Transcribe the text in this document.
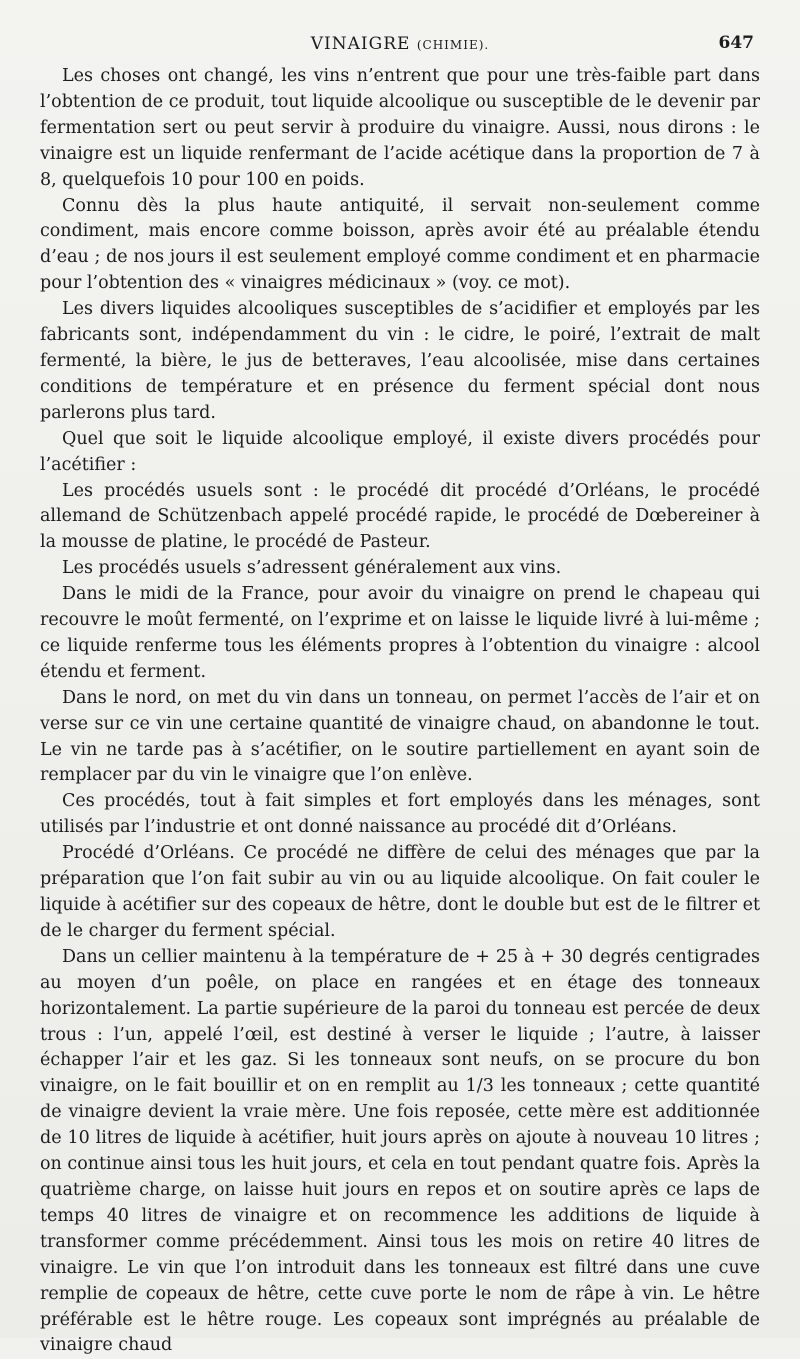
VINAIGRE (CHIMIE).	647

Les choses ont changé, les vins n’entrent que pour une très-faible part dans l’obtention de ce produit, tout liquide alcoolique ou susceptible de le devenir par fermentation sert ou peut servir à produire du vinaigre. Aussi, nous dirons : le vinaigre est un liquide renfermant de l’acide acétique dans la proportion de 7 à 8, quelquefois 10 pour 100 en poids.

Connu dès la plus haute antiquité, il servait non-seulement comme condiment, mais encore comme boisson, après avoir été au préalable étendu d’eau ; de nos jours il est seulement employé comme condiment et en pharmacie pour l’obtention des « vinaigres médicinaux » (voy. ce mot).

Les divers liquides alcooliques susceptibles de s’acidifier et employés par les fabricants sont, indépendamment du vin : le cidre, le poiré, l’extrait de malt fermenté, la bière, le jus de betteraves, l’eau alcoolisée, mise dans certaines conditions de température et en présence du ferment spécial dont nous parlerons plus tard.

Quel que soit le liquide alcoolique employé, il existe divers procédés pour l’acétifier :

Les procédés usuels sont : le procédé dit procédé d’Orléans, le procédé allemand de Schützenbach appelé procédé rapide, le procédé de Dœbereiner à la mousse de platine, le procédé de Pasteur.

Les procédés usuels s’adressent généralement aux vins.

Dans le midi de la France, pour avoir du vinaigre on prend le chapeau qui recouvre le moût fermenté, on l’exprime et on laisse le liquide livré à lui-même ; ce liquide renferme tous les éléments propres à l’obtention du vinaigre : alcool étendu et ferment.

Dans le nord, on met du vin dans un tonneau, on permet l’accès de l’air et on verse sur ce vin une certaine quantité de vinaigre chaud, on abandonne le tout. Le vin ne tarde pas à s’acétifier, on le soutire partiellement en ayant soin de remplacer par du vin le vinaigre que l’on enlève.

Ces procédés, tout à fait simples et fort employés dans les ménages, sont utilisés par l’industrie et ont donné naissance au procédé dit d’Orléans.

Procédé d’Orléans. Ce procédé ne diffère de celui des ménages que par la préparation que l’on fait subir au vin ou au liquide alcoolique. On fait couler le liquide à acétifier sur des copeaux de hêtre, dont le double but est de le filtrer et de le charger du ferment spécial.

Dans un cellier maintenu à la température de + 25 à + 30 degrés centigrades au moyen d’un poêle, on place en rangées et en étage des tonneaux horizontalement. La partie supérieure de la paroi du tonneau est percée de deux trous : l’un, appelé l’œil, est destiné à verser le liquide ; l’autre, à laisser échapper l’air et les gaz. Si les tonneaux sont neufs, on se procure du bon vinaigre, on le fait bouillir et on en remplit au 1/3 les tonneaux ; cette quantité de vinaigre devient la vraie mère. Une fois reposée, cette mère est additionnée de 10 litres de liquide à acétifier, huit jours après on ajoute à nouveau 10 litres ; on continue ainsi tous les huit jours, et cela en tout pendant quatre fois. Après la quatrième charge, on laisse huit jours en repos et on soutire après ce laps de temps 40 litres de vinaigre et on recommence les additions de liquide à transformer comme précédemment. Ainsi tous les mois on retire 40 litres de vinaigre. Le vin que l’on introduit dans les tonneaux est filtré dans une cuve remplie de copeaux de hêtre, cette cuve porte le nom de râpe à vin. Le hêtre préférable est le hêtre rouge. Les copeaux sont imprégnés au préalable de vinaigre chaud
